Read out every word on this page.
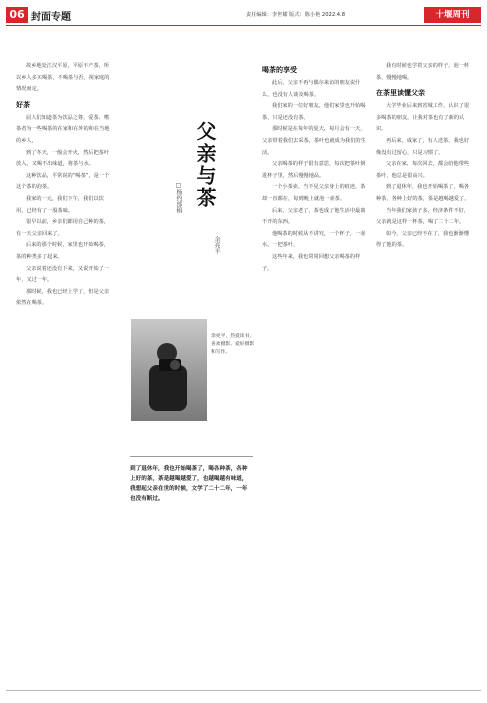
06 封面专题	责任编辑：李世耀 版式：陈小艳 2022.4.8	十堰周刊

故乡地处江汉平原，平原不产茶，所以乡人多买喝茶，不喝茶与否，视家庭的情况而定。

好茶

屈人们知道茶为饮品之尊，爱茶、嗜茶者为一些喝茶的在家和在外的和在当地的乡人，

到了冬天，一般会开火，然后把茶叶放入，又喝不出味道，将茶与水。

这种饮品，平常说的“喝茶”，是一个这个茶的泡茶。

我家的一元，我们下午，我们以饮用，已经有了一股茶味。

很早以前，乡亲们都用自己种的茶，有一天父亲回来了。

后来的那个时候，家里也开始喝茶，茶的种类多了起来。

父亲说着还没有下来，又说开始了一年，又过一年。

那时候，我也已经上学了，但是父亲依然在喝茶。

父亲与茶
□杨约部稿
余亮平
余亮平，热爱读书，喜欢摄影。爱好摄影和写作。
到了退休年，我也开始喝茶了，喝各种茶，各种上好的茶，茶是越喝越爱了，也越喝越有味道，我想起父亲在世的时候，文学了二十二年，一年也没有断过。
喝茶的享受

此后，父亲不再与偶尔来访的朋友说什么，也没有人谈及喝茶。

我们家的一位好朋友，他们家里也开始喝茶，只是还没有茶。

那时候是在每年的夏天，每月会有一天，父亲带着我们去采茶，茶叶也就成为我们的生活。

父亲喝茶的样子很有意思，每次把茶叶倒进杯子里，然后慢慢地品。

一个小茶壶，当不见父亲身上的痕迹，茶却一直都在，每到晚上就泡一壶茶。

后来，父亲老了，茶也成了他生活中最离不开的东西。

他喝茶的时候从不讲究，一个杯子，一壶水，一把茶叶。

这些年来，我也常常回想父亲喝茶的样子。

我有时候也学着父亲的样子，泡一杯茶，慢慢地喝。

在茶里读懂父亲

大学毕业后来到省城工作，认识了很多喝茶的朋友，让我对茶也有了新的认识。

再后来，成家了，有人送茶，我也好像没有过留心，只是习惯了。

父亲在家，每次回去，都会给他带些茶叶，他总是很高兴。

到了退休年，我也开始喝茶了，喝各种茶，各种上好的茶，茶是越喝越爱了。

当年我们家孩子多，经济条件不好，父亲就是这样一杯茶，喝了二十二年。

如今，父亲已经不在了，我也渐渐懂得了他的茶。
